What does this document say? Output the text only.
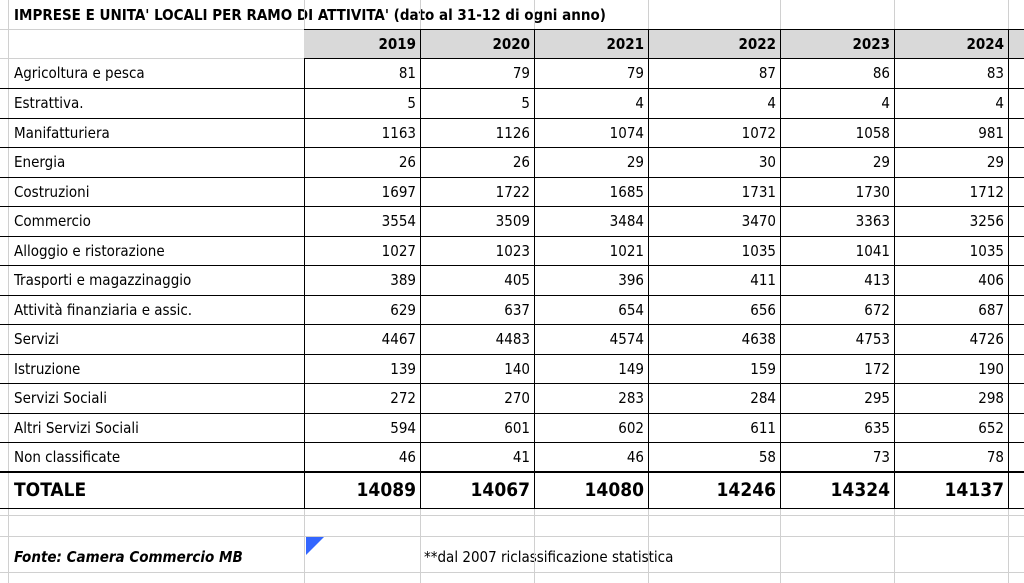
IMPRESE E UNITA' LOCALI PER RAMO DI ATTIVITA' (dato al 31-12 di ogni anno)
2019	2020	2021	2022	2023	2024
Agricoltura e pesca	81	79	79	87	86	83
Estrattiva.	5	5	4	4	4	4
Manifatturiera	1163	1126	1074	1072	1058	981
Energia	26	26	29	30	29	29
Costruzioni	1697	1722	1685	1731	1730	1712
Commercio	3554	3509	3484	3470	3363	3256
Alloggio e ristorazione	1027	1023	1021	1035	1041	1035
Trasporti e magazzinaggio	389	405	396	411	413	406
Attività finanziaria e assic.	629	637	654	656	672	687
Servizi	4467	4483	4574	4638	4753	4726
Istruzione	139	140	149	159	172	190
Servizi Sociali	272	270	283	284	295	298
Altri Servizi Sociali	594	601	602	611	635	652
Non classificate	46	41	46	58	73	78
TOTALE	14089	14067	14080	14246	14324	14137
Fonte: Camera Commercio MB	**dal 2007 riclassificazione statistica
